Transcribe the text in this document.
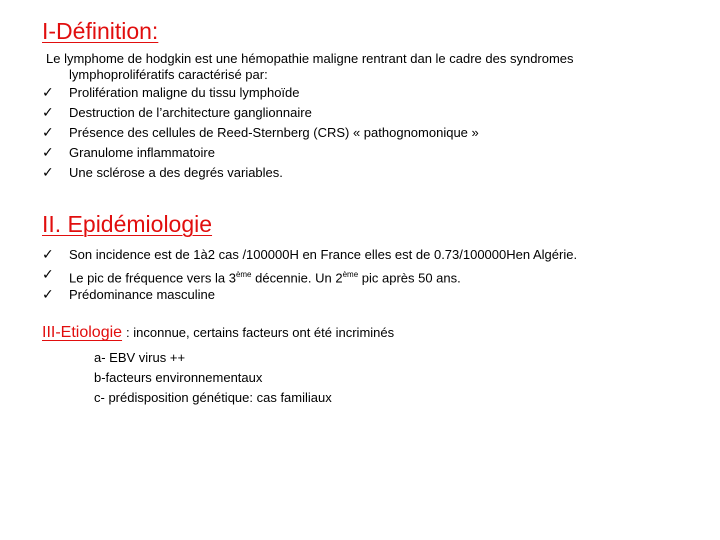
I-Définition:
Le lymphome de hodgkin est une hémopathie maligne rentrant dan le cadre des syndromes
lymphoprolifératifs caractérisé par:
✓ Prolifération maligne du tissu lymphoïde
✓ Destruction de l’architecture ganglionnaire
✓ Présence des cellules de Reed-Sternberg (CRS) « pathognomonique »
✓ Granulome inflammatoire
✓ Une sclérose a des degrés variables.
II. Epidémiologie
✓ Son incidence est de 1à2 cas /100000H en France elles est de 0.73/100000Hen Algérie.
✓ Le pic de fréquence vers la 3ème décennie. Un 2ème pic après 50 ans.
✓ Prédominance masculine
III-Etiologie : inconnue, certains facteurs ont été incriminés
a- EBV virus ++
b-facteurs environnementaux
c- prédisposition génétique: cas familiaux
